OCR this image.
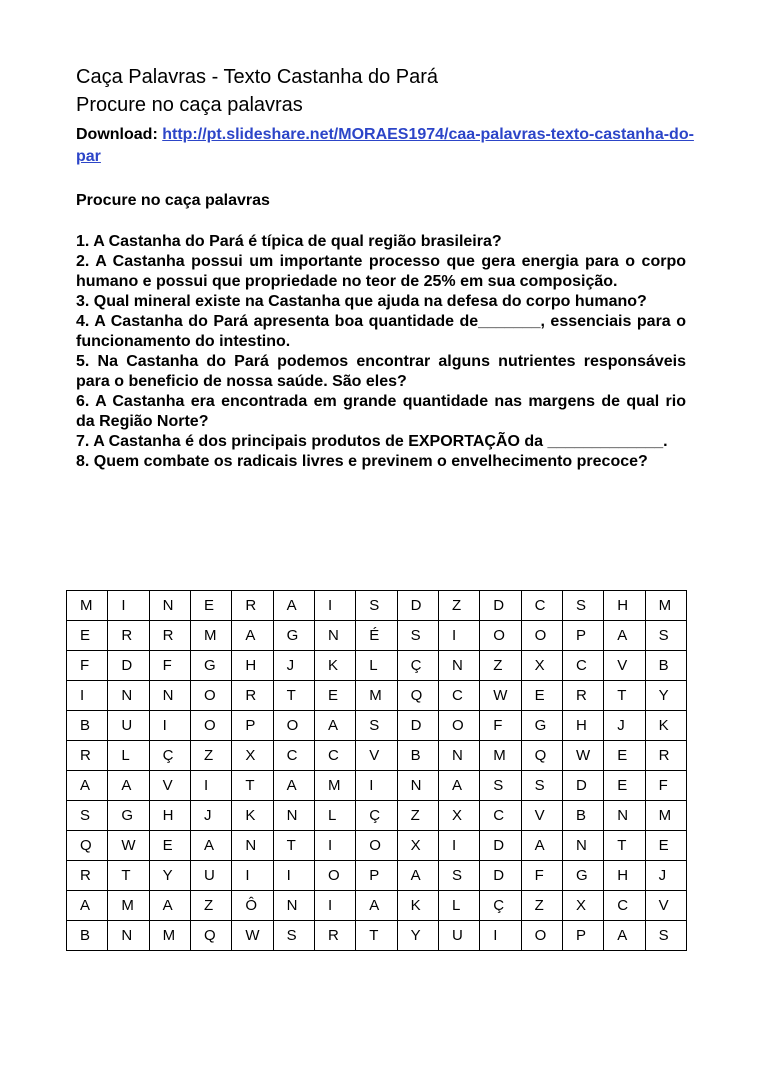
Caça Palavras - Texto Castanha do Pará
Procure no caça palavras
Download: http://pt.slideshare.net/MORAES1974/caa-palavras-texto-castanha-do-par
Procure no caça palavras

1. A Castanha do Pará é típica de qual região brasileira?

2. A Castanha possui um importante processo que gera energia para o corpo humano e possui que propriedade no teor de 25% em sua composição.

3. Qual mineral existe na Castanha que ajuda na defesa do corpo humano?

4. A Castanha do Pará apresenta boa quantidade de_______, essenciais para o funcionamento do intestino.

5. Na Castanha do Pará podemos encontrar alguns nutrientes responsáveis para o beneficio de nossa saúde. São eles?

6. A Castanha era encontrada em grande quantidade nas margens de qual rio da Região Norte?

7. A Castanha é dos principais produtos de EXPORTAÇÃO da _____________.

8. Quem combate os radicais livres e previnem o envelhecimento precoce?

M	I	N	E	R	A	I	S	D	Z	D	C	S	H	M
E	R	R	M	A	G	N	É	S	I	O	O	P	A	S
F	D	F	G	H	J	K	L	Ç	N	Z	X	C	V	B
I	N	N	O	R	T	E	M	Q	C	W	E	R	T	Y
B	U	I	O	P	O	A	S	D	O	F	G	H	J	K
R	L	Ç	Z	X	C	C	V	B	N	M	Q	W	E	R
A	A	V	I	T	A	M	I	N	A	S	S	D	E	F
S	G	H	J	K	N	L	Ç	Z	X	C	V	B	N	M
Q	W	E	A	N	T	I	O	X	I	D	A	N	T	E
R	T	Y	U	I	I	O	P	A	S	D	F	G	H	J
A	M	A	Z	Ô	N	I	A	K	L	Ç	Z	X	C	V
B	N	M	Q	W	S	R	T	Y	U	I	O	P	A	S
